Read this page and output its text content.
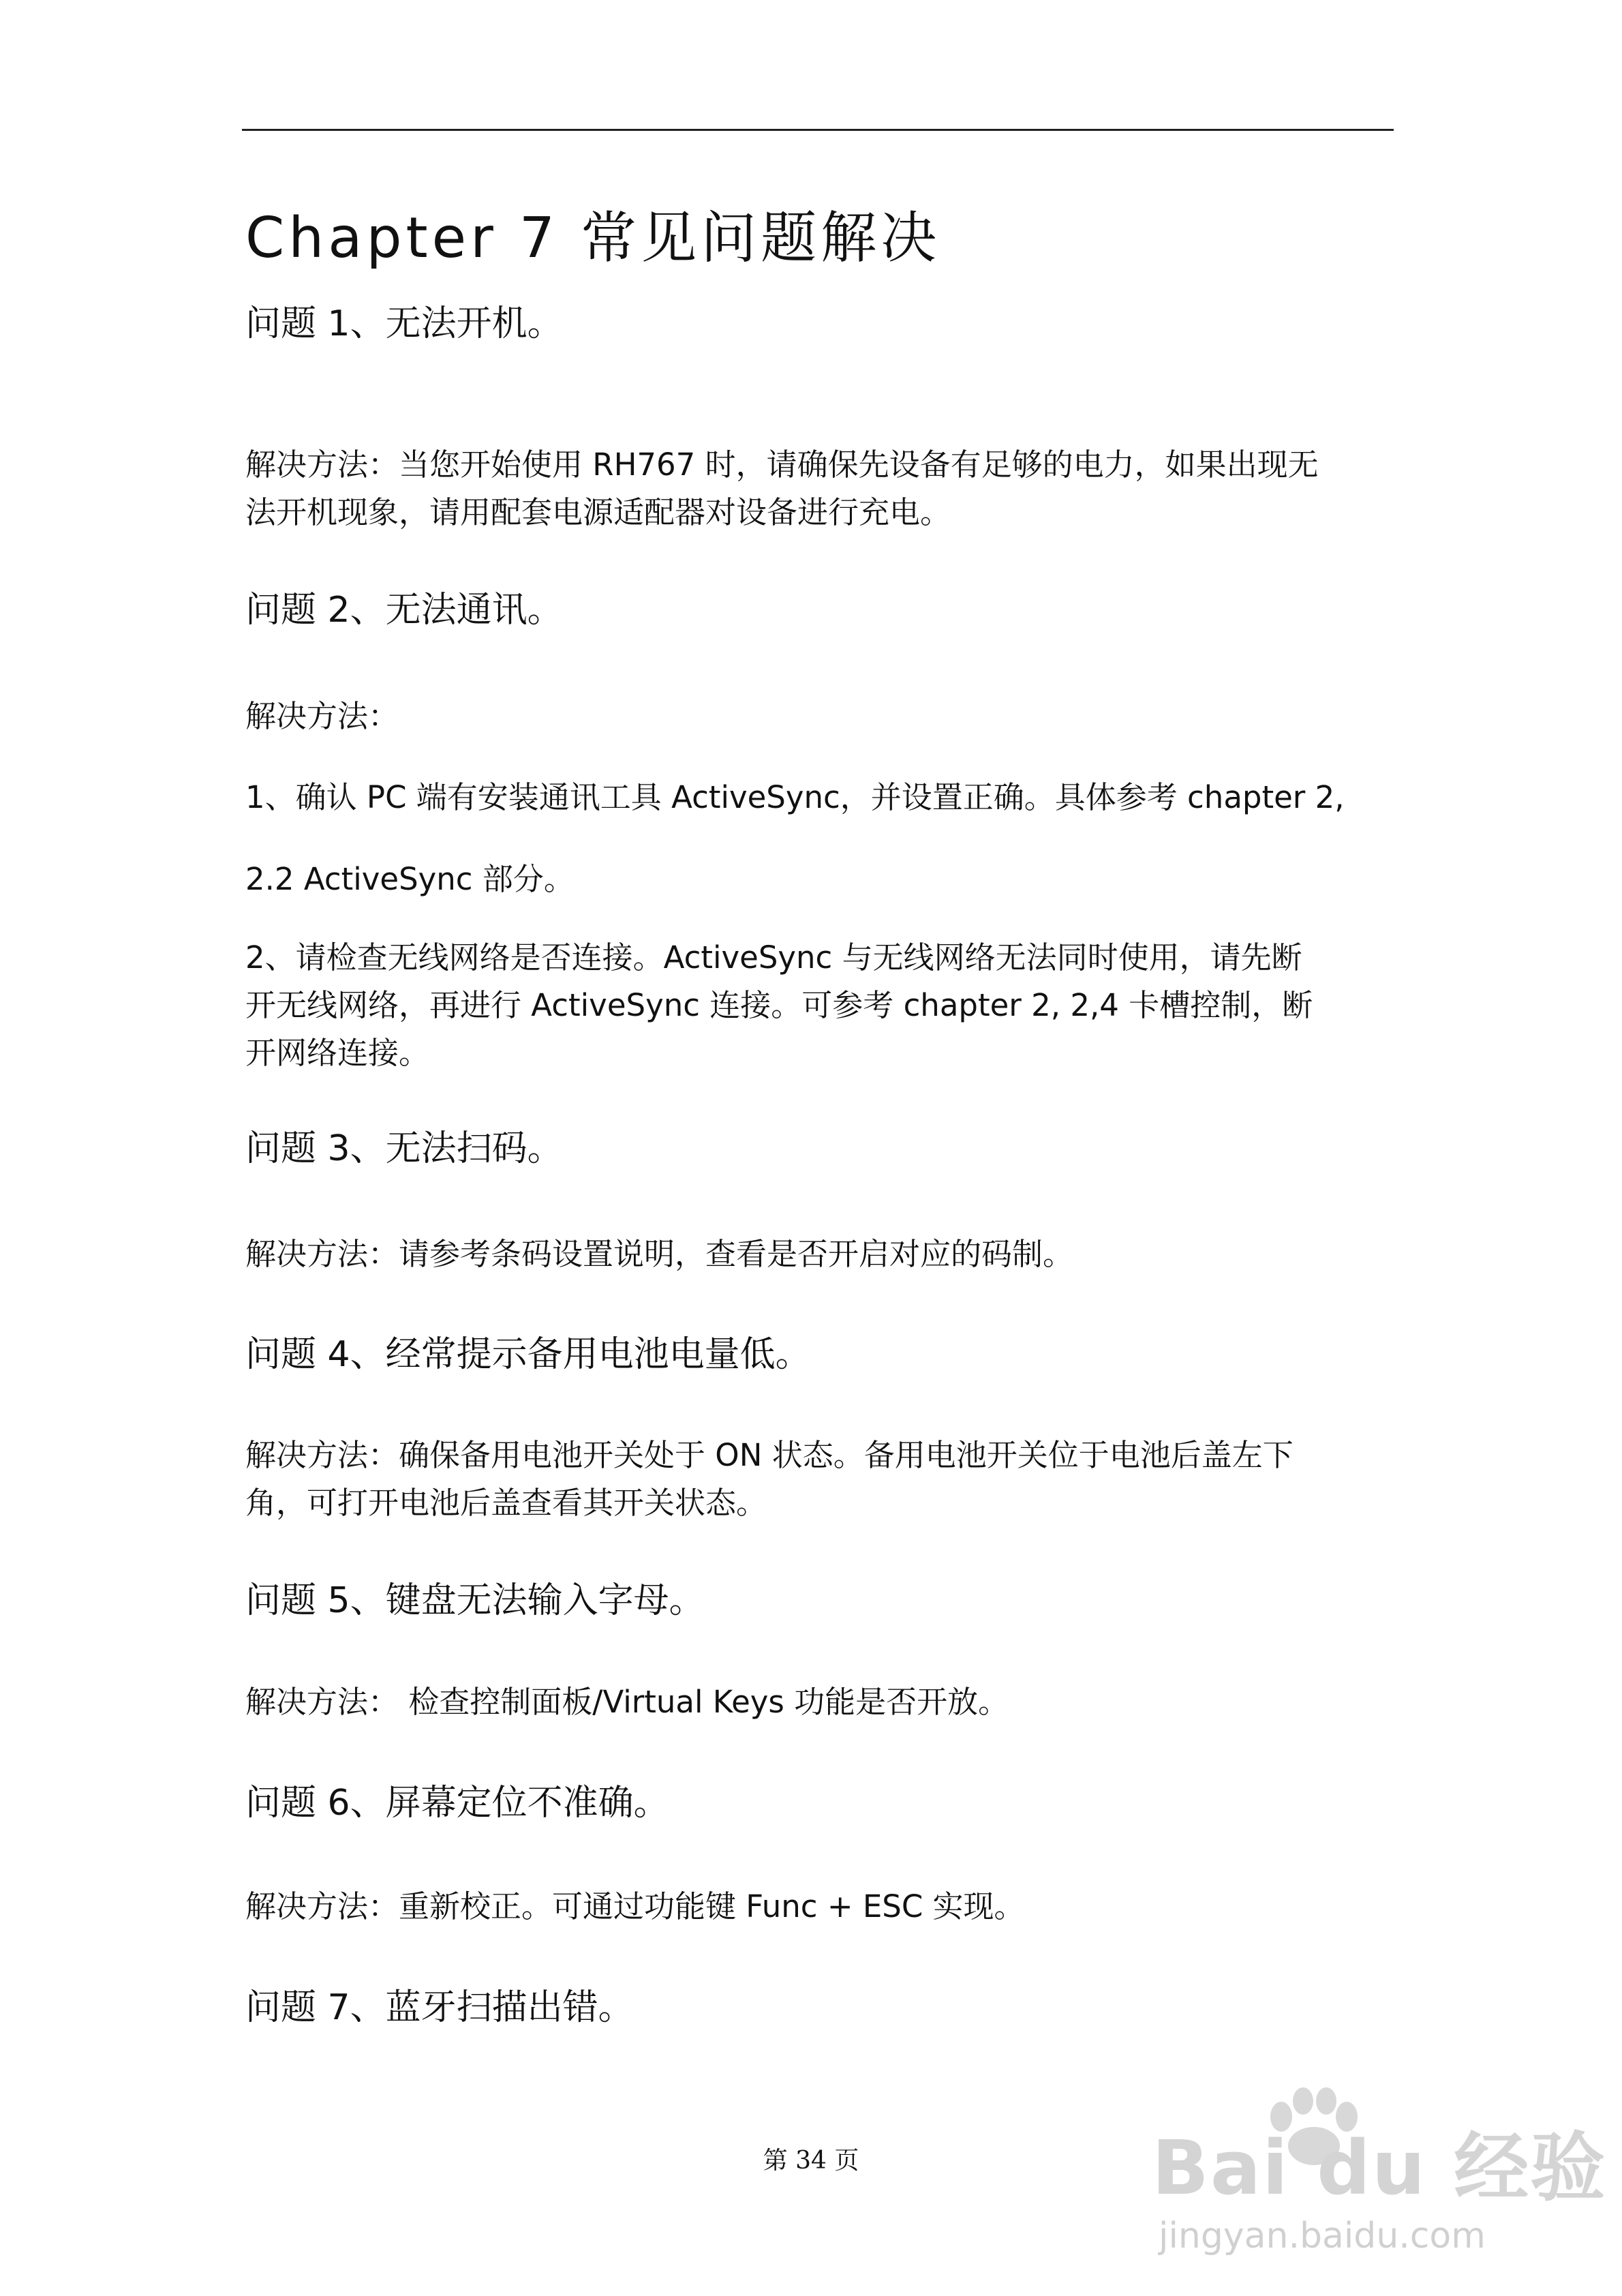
Chapter 7 常见问题解决
问题 1、无法开机。
解决方法：当您开始使用 RH767 时，请确保先设备有足够的电力，如果出现无
法开机现象，请用配套电源适配器对设备进行充电。
问题 2、无法通讯。
解决方法：
1、确认 PC 端有安装通讯工具 ActiveSync，并设置正确。具体参考 chapter 2,
2.2 ActiveSync 部分。
2、请检查无线网络是否连接。ActiveSync 与无线网络无法同时使用，请先断
开无线网络，再进行 ActiveSync 连接。可参考 chapter 2, 2,4 卡槽控制，断
开网络连接。
问题 3、无法扫码。
解决方法：请参考条码设置说明，查看是否开启对应的码制。
问题 4、经常提示备用电池电量低。
解决方法：确保备用电池开关处于 ON 状态。备用电池开关位于电池后盖左下
角，可打开电池后盖查看其开关状态。
问题 5、键盘无法输入字母。
解决方法： 检查控制面板/Virtual Keys 功能是否开放。
问题 6、屏幕定位不准确。
解决方法：重新校正。可通过功能键 Func + ESC 实现。
问题 7、蓝牙扫描出错。
第 34 页	Bai du 经验
jingyan.baidu.com
